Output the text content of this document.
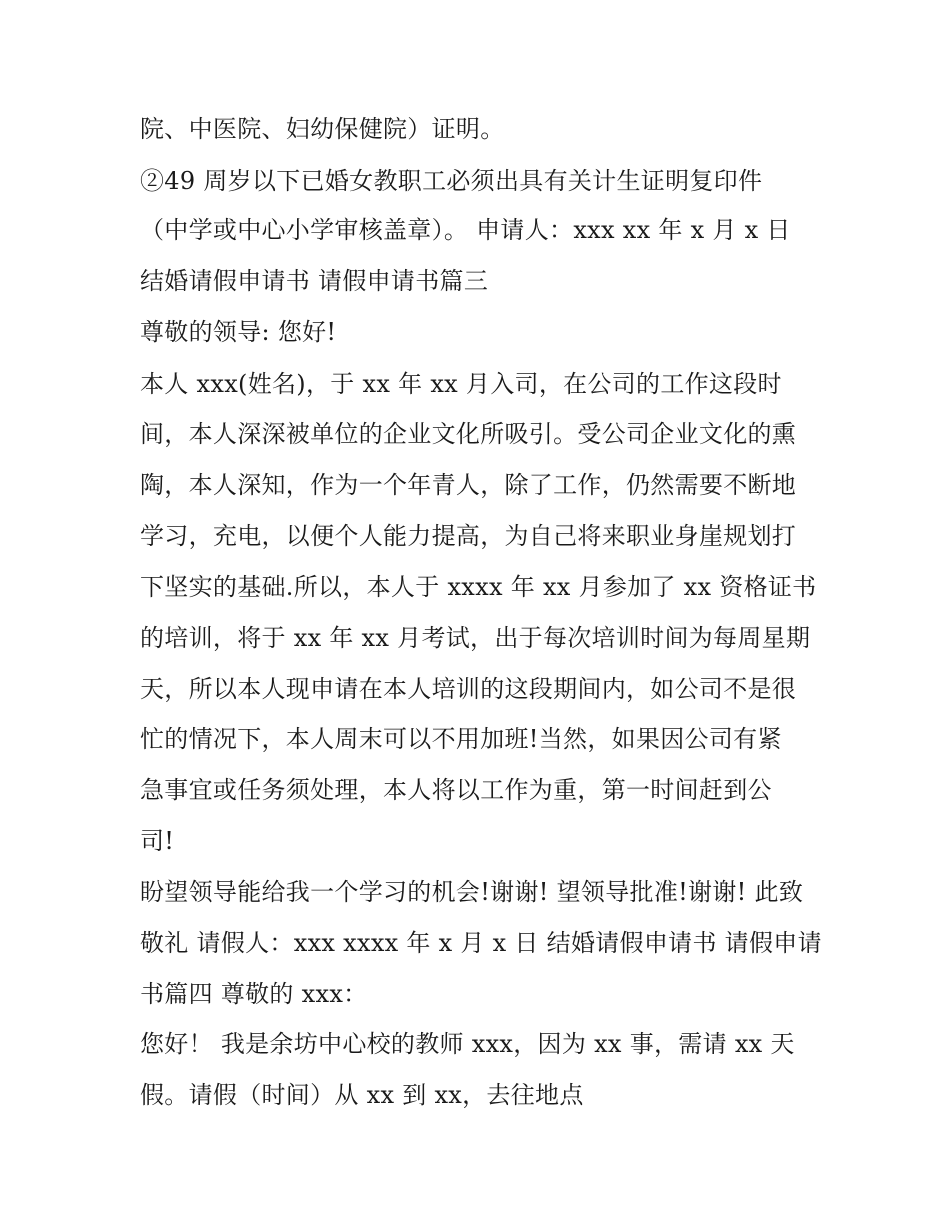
院、中医院、妇幼保健院）证明。
②49 周岁以下已婚女教职工必须出具有关计生证明复印件
（中学或中心小学审核盖章）。 申请人：xxx xx 年 x 月 x 日
结婚请假申请书 请假申请书篇三
尊敬的领导: 您好!
本人 xxx(姓名)，于 xx 年 xx 月入司，在公司的工作这段时
间，本人深深被单位的企业文化所吸引。受公司企业文化的熏
陶，本人深知，作为一个年青人，除了工作，仍然需要不断地
学习，充电，以便个人能力提高，为自己将来职业身崖规划打
下坚实的基础.所以，本人于 xxxx 年 xx 月参加了 xx 资格证书
的培训，将于 xx 年 xx 月考试，出于每次培训时间为每周星期
天，所以本人现申请在本人培训的这段期间内，如公司不是很
忙的情况下，本人周末可以不用加班!当然，如果因公司有紧
急事宜或任务须处理，本人将以工作为重，第一时间赶到公
司!
盼望领导能给我一个学习的机会!谢谢! 望领导批准!谢谢! 此致
敬礼 请假人：xxx xxxx 年 x 月 x 日 结婚请假申请书 请假申请
书篇四 尊敬的 xxx：
您好！ 我是余坊中心校的教师 xxx，因为 xx 事，需请 xx 天
假。请假（时间）从 xx 到 xx，去往地点
